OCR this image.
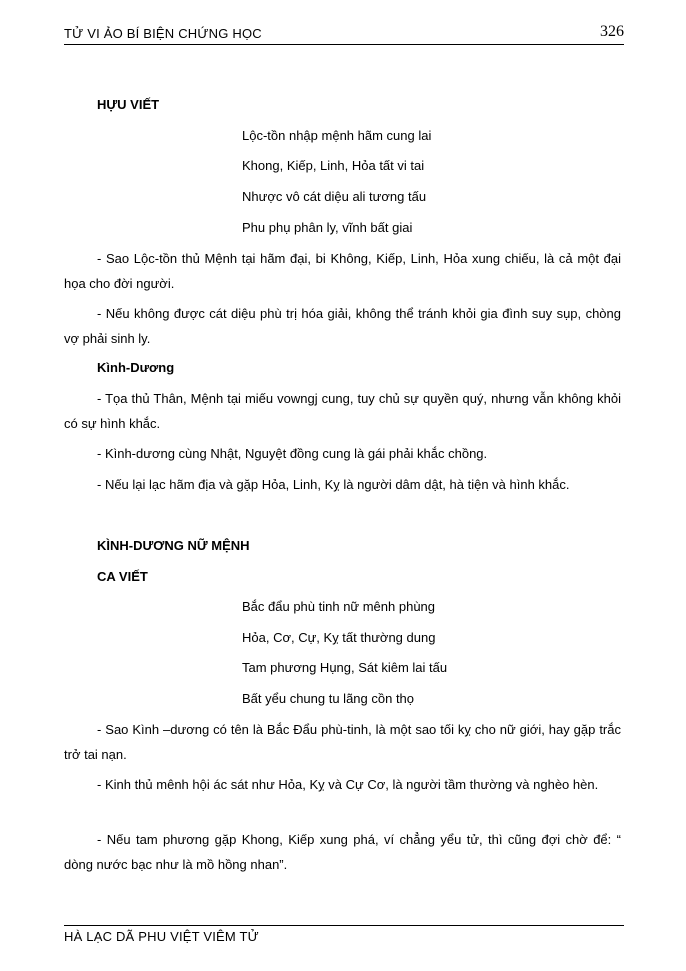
TỬ VI ẢO BÍ BIỆN CHỨNG HỌC	326
HỰU VIẾT
Lộc-tồn nhập mệnh hãm cung lai
Khong, Kiếp, Linh, Hỏa tất vi tai
Nhược vô cát diệu ali tương tấu
Phu phụ phân ly, vĩnh bất giai
- Sao Lộc-tồn thủ Mệnh tại hãm đại, bi Không, Kiếp, Linh, Hỏa xung chiếu, là cả một đại họa cho đời người.
- Nếu không được cát diệu phù trị hóa giải, không thể tránh khỏi gia đình suy sụp, chòng vợ phải sinh ly.
Kình-Dương
- Tọa thủ Thân, Mệnh tại miếu vowngj cung, tuy chủ sự quyền quý, nhưng vẫn không khỏi có sự hình khắc.
- Kình-dương cùng Nhật, Nguyệt đồng cung là gái phải khắc chồng.
- Nếu lại lạc hãm địa và gặp Hỏa, Linh, Kỵ là người dâm dật, hà tiện và hình khắc.
KÌNH-DƯƠNG NỮ MỆNH
CA VIẾT
Bắc đẩu phù tinh nữ mênh phùng
Hỏa, Cơ, Cự, Kỵ tất thường dung
Tam phương Hụng, Sát kiêm lai tấu
Bất yểu chung tu lãng cồn thọ
- Sao Kình –dương có tên là Bắc Đẩu phù-tinh, là một sao tối kỵ cho nữ giới, hay gặp trắc trở tai nạn.
- Kinh thủ mênh hội ác sát như Hỏa, Kỵ và Cự Cơ, là người tầm thường và nghèo hèn.
- Nếu tam phương gặp Khong, Kiếp xung phá, ví chẳng yểu tử, thì cũng đợi chờ để: “ dòng nước bạc như là mồ hồng nhan”.
HÀ LẠC DÃ PHU VIỆT VIÊM TỬ
